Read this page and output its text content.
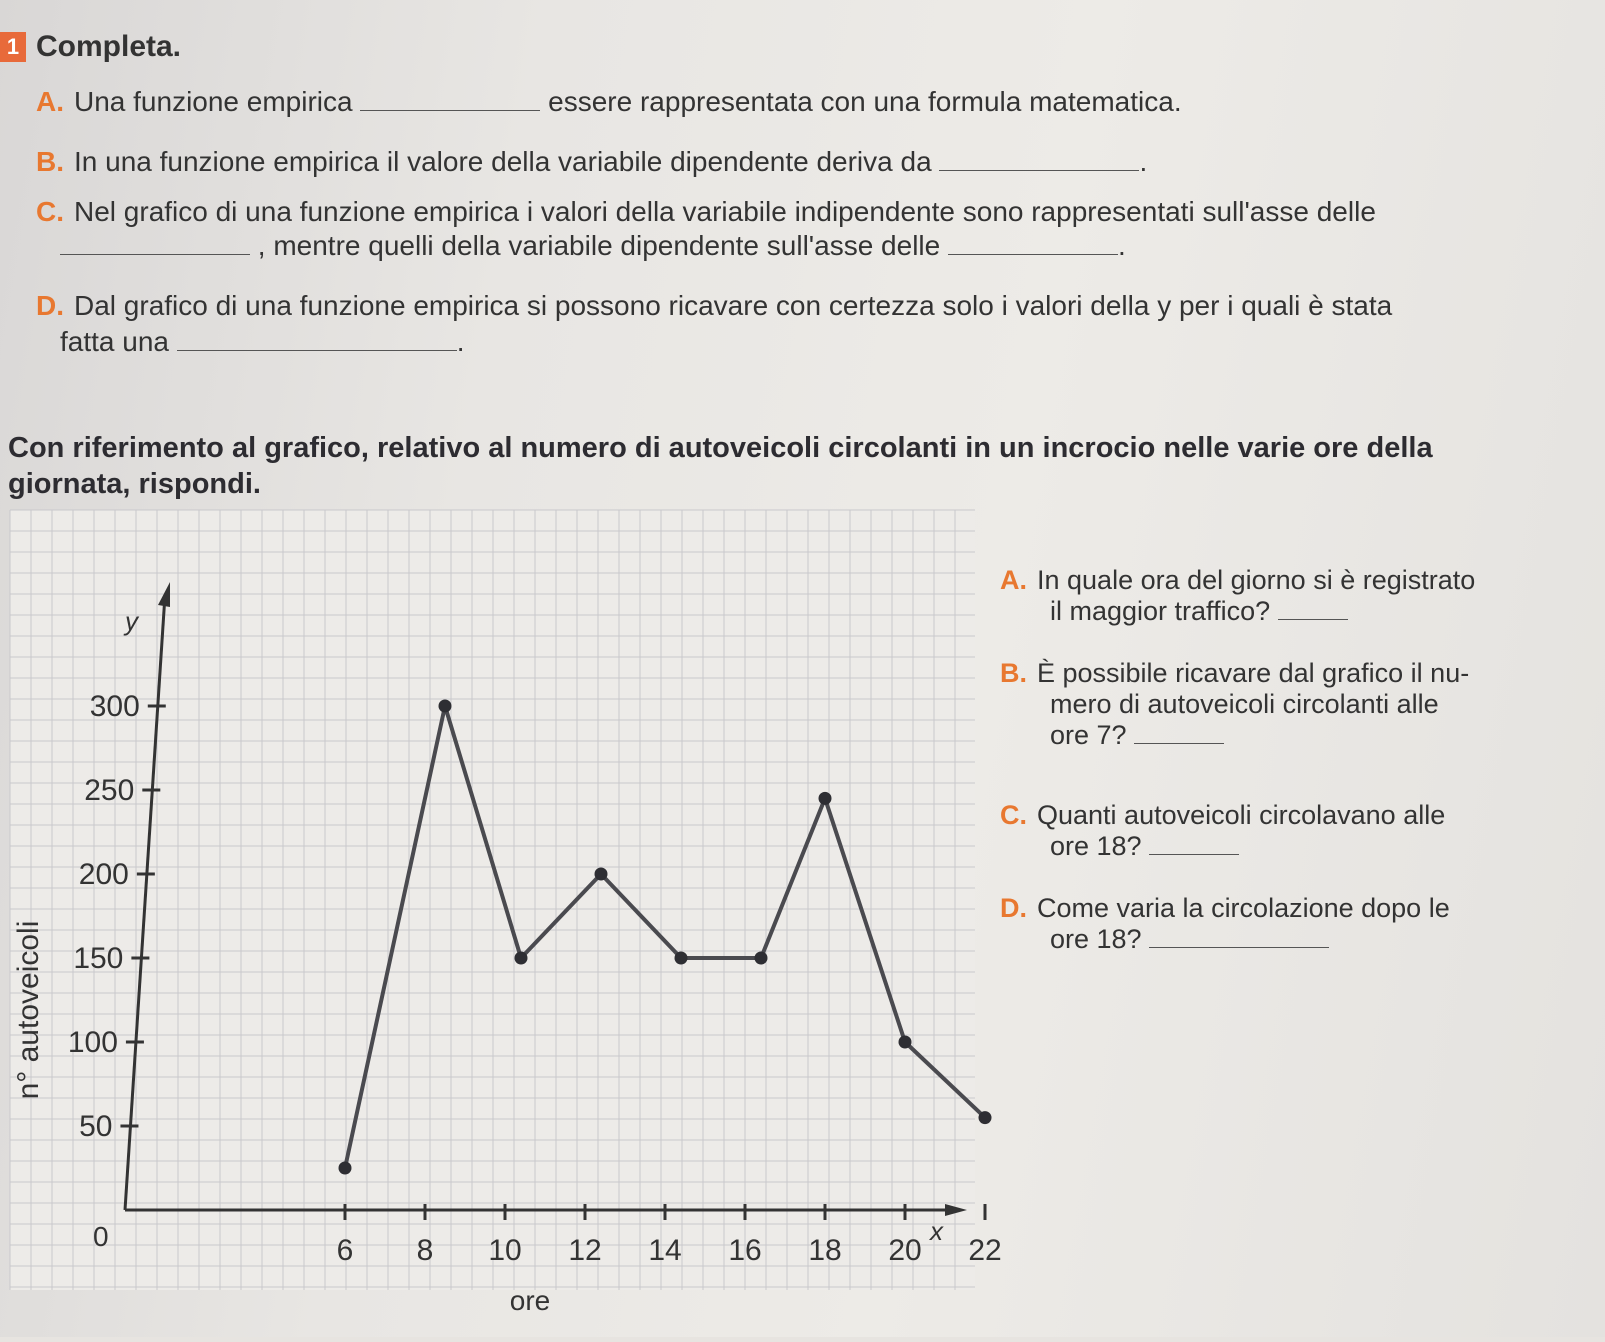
1 Completa.
A. Una funzione empirica	essere rappresentata con una formula matematica.
B. In una funzione empirica il valore della variabile dipendente deriva da	.
C. Nel grafico di una funzione empirica i valori della variabile indipendente sono rappresentati sull'asse delle
, mentre quelli della variabile dipendente sull'asse delle	.
D. Dal grafico di una funzione empirica si possono ricavare con certezza solo i valori della y per i quali è stata
fatta una	.
Con riferimento al grafico, relativo al numero di autoveicoli circolanti in un incrocio nelle varie ore della giornata, rispondi.
y
x
0
50
100
150
200
250
300
6 8 10 12 14 16 18 20 22
n° autoveicoli
ore
A. In quale ora del giorno si è registrato
il maggior traffico?
B. È possibile ricavare dal grafico il nu-
mero di autoveicoli circolanti alle
ore 7?
C. Quanti autoveicoli circolavano alle
ore 18?
D. Come varia la circolazione dopo le
ore 18?
